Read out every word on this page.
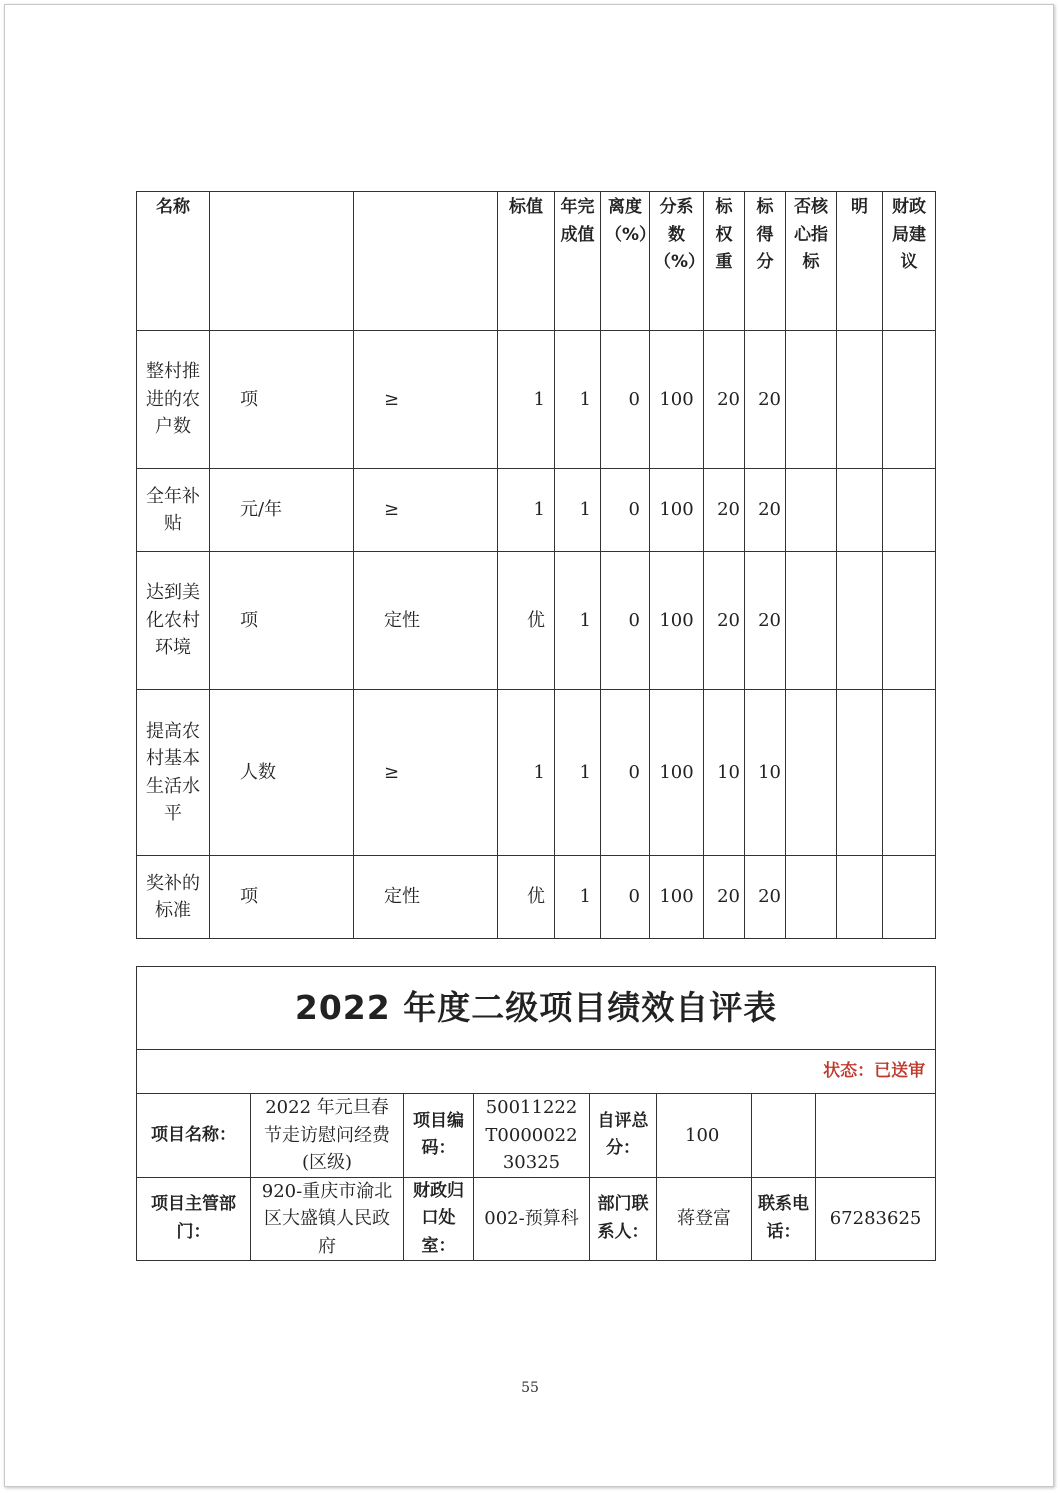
名称			标值	年完成值	离度（%）	分系数（%）	标权重	标得分	否核心指标	明	财政局建议
整村推进的农户数	项	≥	1	1	0	100	20	20			
全年补贴	元/年	≥	1	1	0	100	20	20			
达到美化农村环境	项	定性	优	1	0	100	20	20			
提高农村基本生活水平	人数	≥	1	1	0	100	10	10			
奖补的标准	项	定性	优	1	0	100	20	20			
2022 年度二级项目绩效自评表							
状态：已送审							
项目名称：	2022 年元旦春节走访慰问经费(区级)	项目编码：	50011222T000002230325	自评总分：	100		
项目主管部门：	920-重庆市渝北区大盛镇人民政府	财政归口处室：	002-预算科	部门联系人：	蒋登富	联系电话：	67283625
55
